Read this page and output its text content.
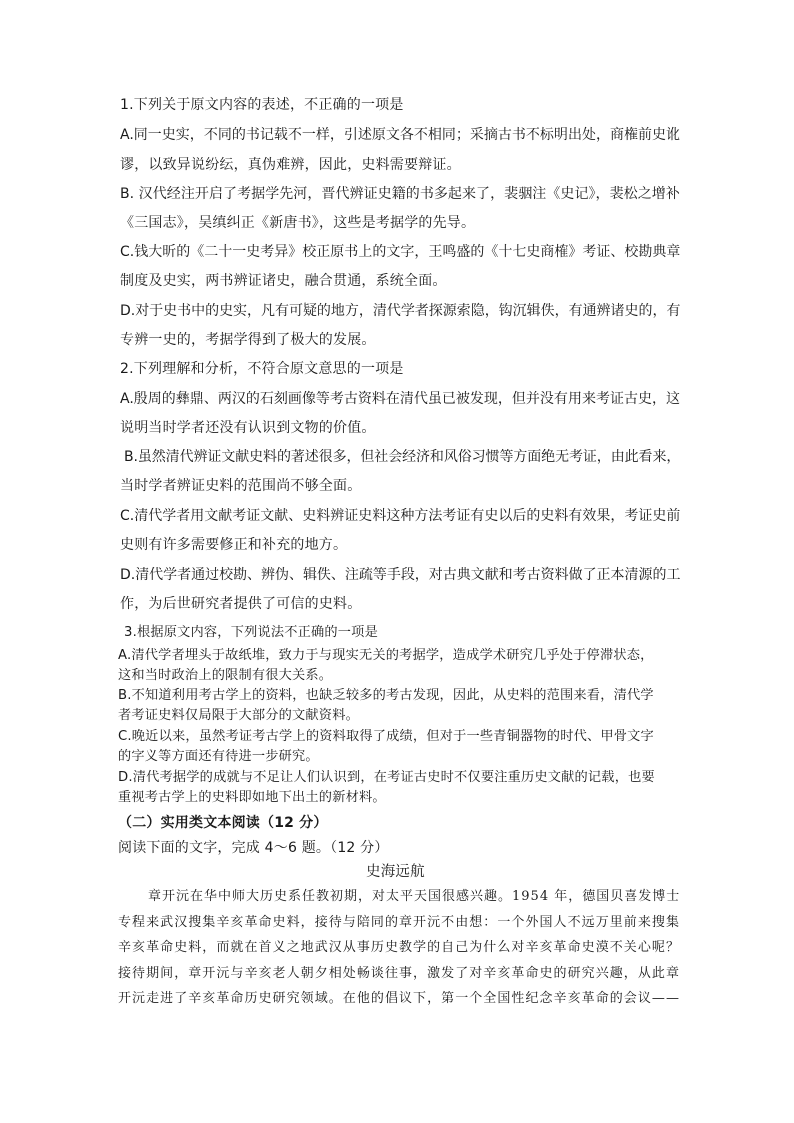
1.下列关于原文内容的表述，不正确的一项是
A.同一史实，不同的书记载不一样，引述原文各不相同；采摘古书不标明出处，商権前史讹
谬，以致异说纷纭，真伪难辨，因此，史料需要辩证。
B. 汉代经注开启了考据学先河，晋代辨证史籍的书多起来了，裴骃注《史记》，裴松之增补
《三国志》，吴缜纠正《新唐书》，这些是考据学的先导。
C.钱大昕的《二十一史考异》校正原书上的文字，王鸣盛的《十七史商榷》考证、校勘典章
制度及史实，两书辨证诸史，融合贯通，系统全面。
D.对于史书中的史实，凡有可疑的地方，清代学者探源索隐，钩沉辑佚，有通辨诸史的，有
专辨一史的，考据学得到了极大的发展。
2.下列理解和分析，不符合原文意思的一项是
A.殷周的彝鼎、两汉的石刻画像等考古资料在清代虽已被发现，但并没有用来考证古史，这
说明当时学者还没有认识到文物的价值。
B.虽然清代辨证文献史料的著述很多，但社会经济和风俗习惯等方面绝无考证，由此看来，
当时学者辨证史料的范围尚不够全面。
C.清代学者用文献考证文献、史料辨证史料这种方法考证有史以后的史料有效果，考证史前
史则有许多需要修正和补充的地方。
D.清代学者通过校勘、辨伪、辑佚、注疏等手段，对古典文献和考古资料做了正本清源的工
作，为后世研究者提供了可信的史料。
3.根据原文内容，下列说法不正确的一项是
A.清代学者埋头于故纸堆，致力于与现实无关的考据学，造成学术研究几乎处于停滞状态，
这和当时政治上的限制有很大关系。
B.不知道利用考古学上的资料，也缺乏较多的考古发现，因此，从史料的范围来看，清代学
者考证史料仅局限于大部分的文献资料。
C.晚近以来，虽然考证考古学上的资料取得了成绩，但对于一些青铜器物的时代、甲骨文字
的字义等方面还有待进一步研究。
D.清代考据学的成就与不足让人们认识到，在考证古史时不仅要注重历史文献的记载，也要
重视考古学上的史料即如地下出土的新材料。
（二）实用类文本阅读（12 分）
阅读下面的文字，完成 4～6 题。（12 分）
史海远航
章开沅在华中师大历史系任教初期，对太平天国很感兴趣。1954 年，德国贝喜发博士
专程来武汉搜集辛亥革命史料，接待与陪同的章开沅不由想：一个外国人不远万里前来搜集
辛亥革命史料，而就在首义之地武汉从事历史教学的自己为什么对辛亥革命史漠不关心呢？
接待期间，章开沅与辛亥老人朝夕相处畅谈往事，激发了对辛亥革命史的研究兴趣，从此章
开沅走进了辛亥革命历史研究领域。在他的倡议下，第一个全国性纪念辛亥革命的会议——
